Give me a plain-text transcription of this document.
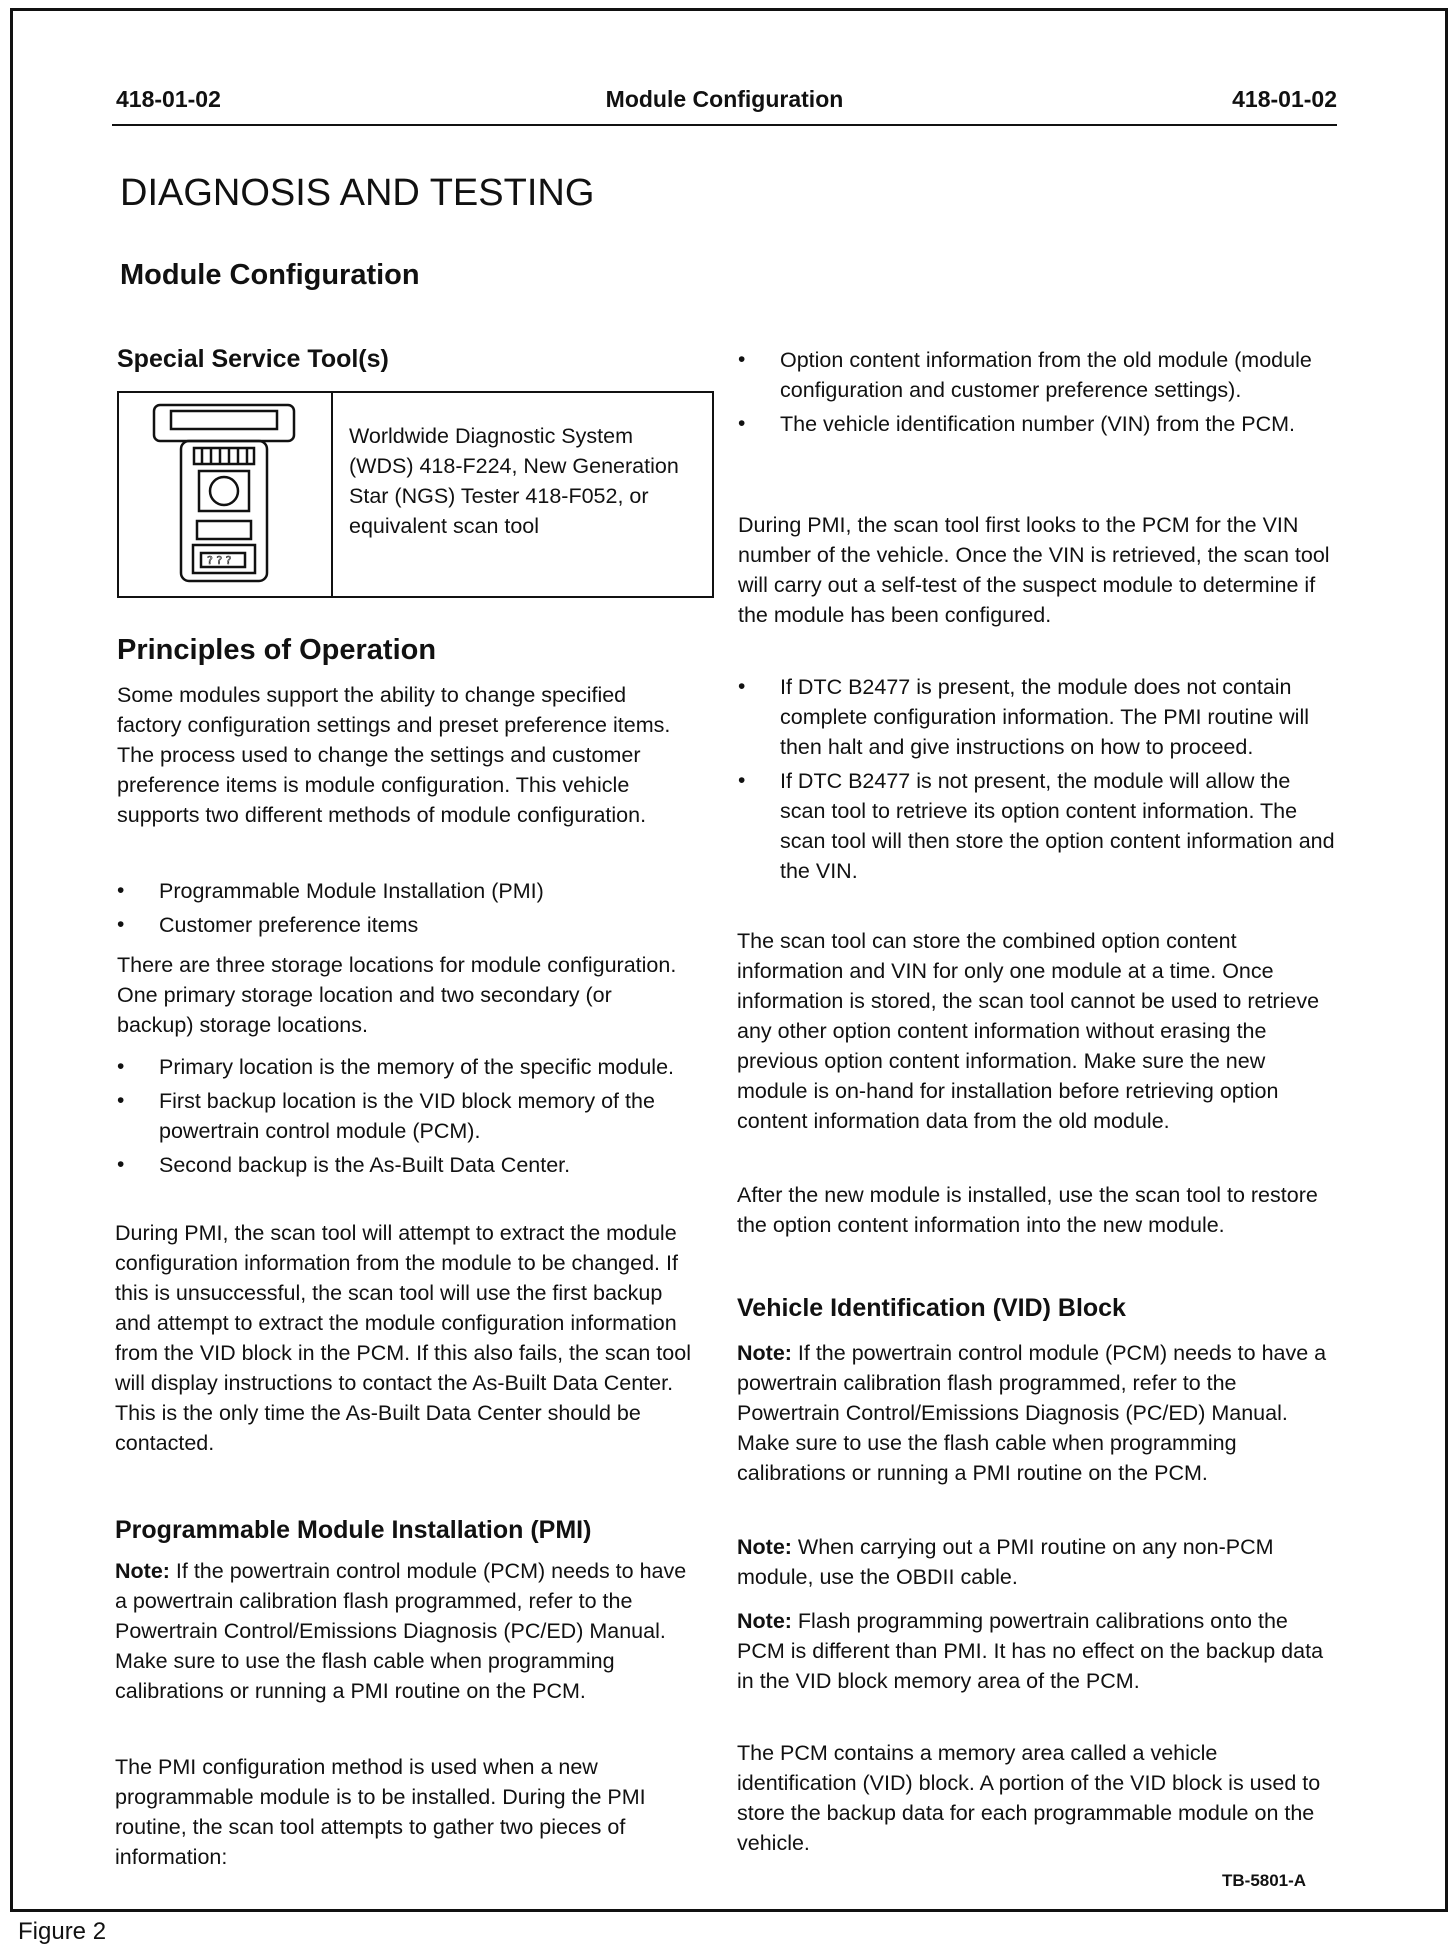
418-01-02	Module Configuration	418-01-02
DIAGNOSIS AND TESTING
Module Configuration
Special Service Tool(s)
? ? ?
Worldwide Diagnostic System (WDS) 418-F224, New Generation Star (NGS) Tester 418-F052, or equivalent scan tool
Principles of Operation

Some modules support the ability to change specified factory configuration settings and preset preference items. The process used to change the settings and customer preference items is module configuration. This vehicle supports two different methods of module configuration.

• Programmable Module Installation (PMI)
• Customer preference items

There are three storage locations for module configuration. One primary storage location and two secondary (or backup) storage locations.

• Primary location is the memory of the specific module.
• First backup location is the VID block memory of the powertrain control module (PCM).
• Second backup is the As-Built Data Center.

During PMI, the scan tool will attempt to extract the module configuration information from the module to be changed. If this is unsuccessful, the scan tool will use the first backup and attempt to extract the module configuration information from the VID block in the PCM. If this also fails, the scan tool will display instructions to contact the As-Built Data Center. This is the only time the As-Built Data Center should be contacted.

Programmable Module Installation (PMI)

Note: If the powertrain control module (PCM) needs to have a powertrain calibration flash programmed, refer to the Powertrain Control/Emissions Diagnosis (PC/ED) Manual. Make sure to use the flash cable when programming calibrations or running a PMI routine on the PCM.

The PMI configuration method is used when a new programmable module is to be installed. During the PMI routine, the scan tool attempts to gather two pieces of information:

• Option content information from the old module (module configuration and customer preference settings).
• The vehicle identification number (VIN) from the PCM.

During PMI, the scan tool first looks to the PCM for the VIN number of the vehicle. Once the VIN is retrieved, the scan tool will carry out a self-test of the suspect module to determine if the module has been configured.

• If DTC B2477 is present, the module does not contain complete configuration information. The PMI routine will then halt and give instructions on how to proceed.
• If DTC B2477 is not present, the module will allow the scan tool to retrieve its option content information. The scan tool will then store the option content information and the VIN.

The scan tool can store the combined option content information and VIN for only one module at a time. Once information is stored, the scan tool cannot be used to retrieve any other option content information without erasing the previous option content information. Make sure the new module is on-hand for installation before retrieving option content information data from the old module.

After the new module is installed, use the scan tool to restore the option content information into the new module.

Vehicle Identification (VID) Block

Note: If the powertrain control module (PCM) needs to have a powertrain calibration flash programmed, refer to the Powertrain Control/Emissions Diagnosis (PC/ED) Manual. Make sure to use the flash cable when programming calibrations or running a PMI routine on the PCM.

Note: When carrying out a PMI routine on any non-PCM module, use the OBDII cable.

Note: Flash programming powertrain calibrations onto the PCM is different than PMI. It has no effect on the backup data in the VID block memory area of the PCM.

The PCM contains a memory area called a vehicle identification (VID) block. A portion of the VID block is used to store the backup data for each programmable module on the vehicle.

TB-5801-A
Figure 2
